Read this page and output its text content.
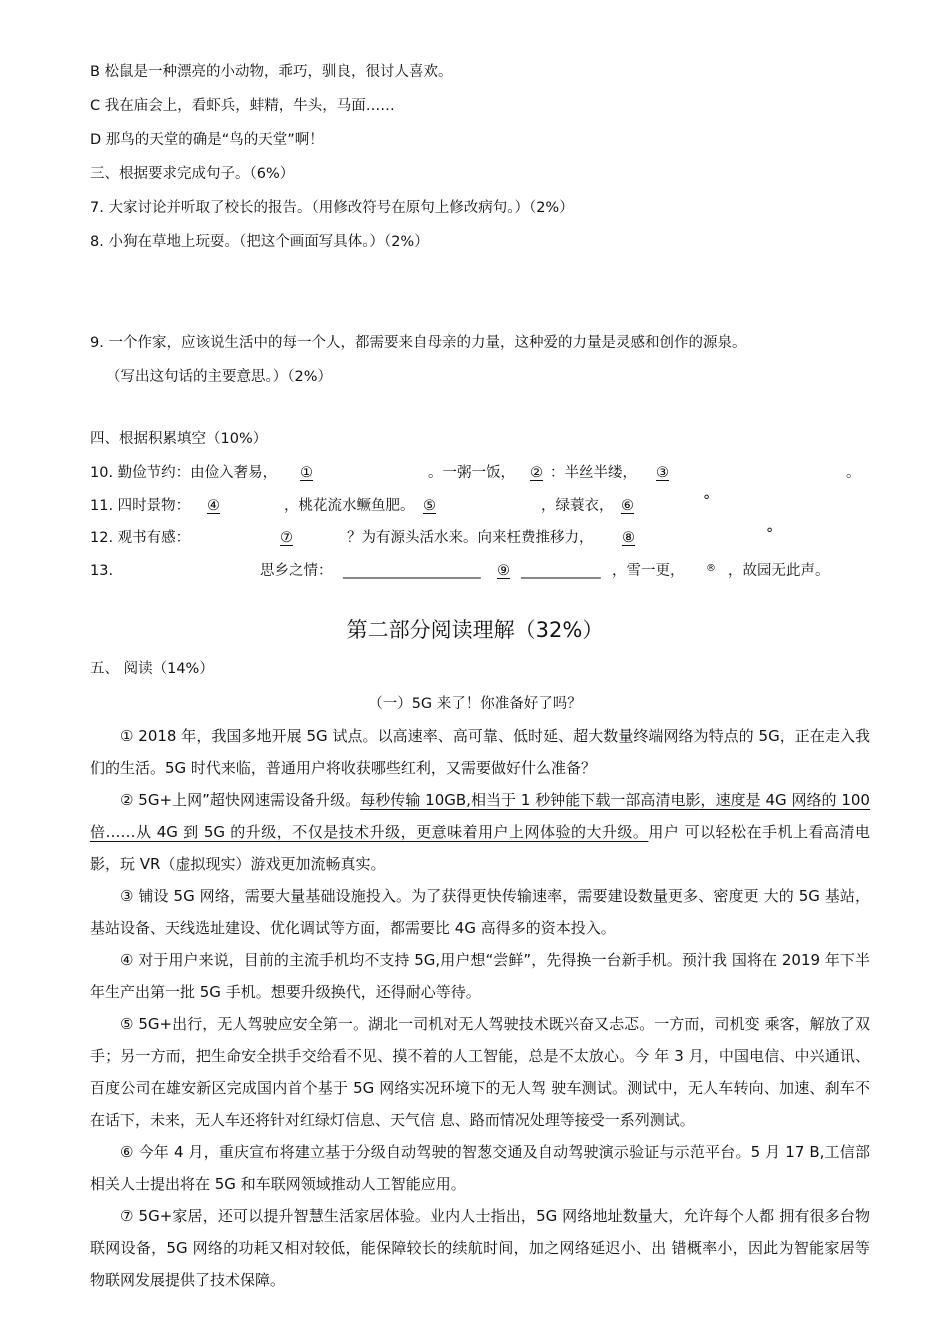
B 松鼠是一种漂亮的小动物，乖巧，驯良，很讨人喜欢。
C 我在庙会上，看虾兵，蚌精，牛头，马面……
D 那鸟的天堂的确是“鸟的天堂”啊！
三、根据要求完成句子。（6%）
7. 大家讨论并听取了校长的报告。（用修改符号在原句上修改病句。）（2%）
8. 小狗在草地上玩耍。（把这个画面写具体。）（2%）
9. 一个作家，应该说生活中的每一个人，都需要来自母亲的力量，这种爱的力量是灵感和创作的源泉。
（写出这句话的主要意思。）（2%）
四、根据积累填空（10%）
10. 勤俭节约：由俭入奢易， ①	。一粥一饭， ② ：半丝半缕， ③	。
11. 四时景物： ④	，桃花流水鳜鱼肥。 ⑤	，绿蓑衣， ⑥	°
12. 观书有感：	⑦	？为有源头活水来。向来枉费推移力， ⑧	°
13.	思乡之情： ___________________ ⑨ ___________ ，雪一更， ® ，故园无此声。
第二部分阅读理解（32%）
五、 阅读（14%）
（一）5G 来了！你准备好了吗？

① 2018 年，我国多地开展 5G 试点。以高速率、高可靠、低时延、超大数量终端网络为特点的 5G，正在走入我们的生活。5G 时代来临，普通用户将收获哪些红利，又需要做好什么准备？

② 5G+上网”超快网速需设备升级。每秒传输 10GB,相当于 1 秒钟能下载一部高清电影，速度是 4G 网络的 100 倍……从 4G 到 5G 的升级，不仅是技术升级，更意味着用户上网体验的大升级。用户 可以轻松在手机上看高清电影，玩 VR（虚拟现实）游戏更加流畅真实。

③ 铺设 5G 网络，需要大量基础设施投入。为了获得更快传输速率，需要建设数量更多、密度更 大的 5G 基站，基站设备、天线选址建设、优化调试等方面，都需要比 4G 高得多的资本投入。

④ 对于用户来说，目前的主流手机均不支持 5G,用户想“尝鲜”，先得换一台新手机。预汁我 国将在 2019 年下半年生产出第一批 5G 手机。想要升级换代，还得耐心等待。

⑤ 5G+出行，无人驾驶应安全第一。湖北一司机对无人驾驶技术既兴奋又忐忑。一方而，司机变 乘客，解放了双手；另一方而，把生命安全拱手交给看不见、摸不着的人工智能，总是不太放心。今 年 3 月，中国电信、中兴通讯、百度公司在雄安新区完成国内首个基于 5G 网络实况环境下的无人驾 驶车测试。测试中，无人车转向、加速、刹车不在话下，未来，无人车还将针对红绿灯信息、天气信 息、路而情况处理等接受一系列测试。

⑥ 今年 4 月，重庆宣布将建立基于分级自动驾驶的智葱交通及自动驾驶演示验证与示范平台。5 月 17 B,工信部相关人士提出将在 5G 和车联网领域推动人工智能应用。

⑦ 5G+家居，还可以提升智慧生活家居体验。业内人士指出，5G 网络地址数量大，允许每个人都 拥有很多台物联网设备，5G 网络的功耗又相对较低，能保障较长的续航时间，加之网络延迟小、出 错概率小，因此为智能家居等物联网发展提供了技术保障。
